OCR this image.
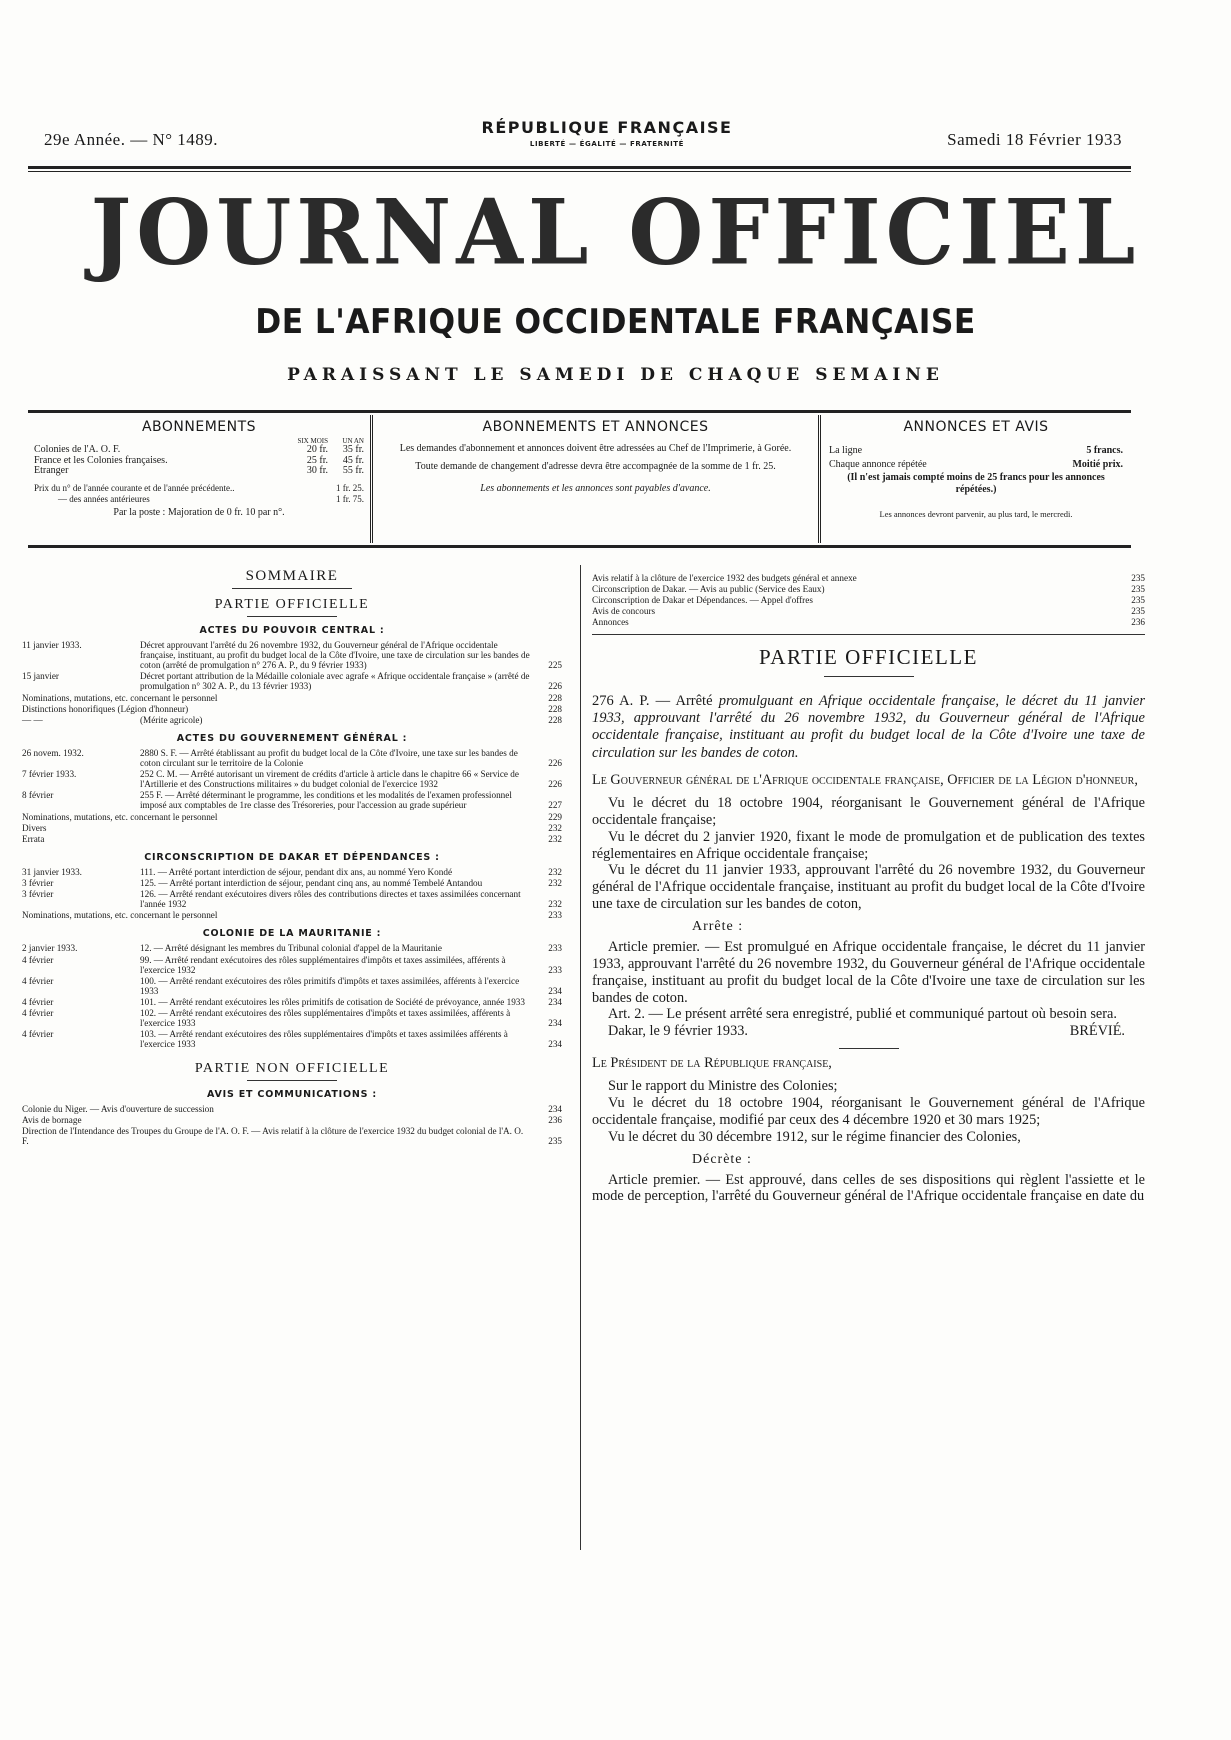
29e Année. — N° 1489.
RÉPUBLIQUE FRANÇAISE
LIBERTÉ — ÉGALITÉ — FRATERNITÉ	Samedi 18 Février 1933
JOURNAL OFFICIEL
DE L'AFRIQUE OCCIDENTALE FRANÇAISE
PARAISSANT LE SAMEDI DE CHAQUE SEMAINE
ABONNEMENTS
	SIX MOIS	UN AN
Colonies de l'A. O. F.	20 fr.	35 fr.
France et les Colonies françaises.	25 fr.	45 fr.
Etranger	30 fr.	55 fr.
Prix du n° de l'année courante et de l'année précédente..	1 fr. 25.
— des années antérieures	1 fr. 75.
Par la poste : Majoration de 0 fr. 10 par n°.
ABONNEMENTS ET ANNONCES

Les demandes d'abonnement et annonces doivent être adressées au Chef de l'Imprimerie, à Gorée.

Toute demande de changement d'adresse devra être accompagnée de la somme de 1 fr. 25.

Les abonnements et les annonces sont payables d'avance.

ANNONCES ET AVIS
La ligne	5 francs.
Chaque annonce répétée	Moitié prix.
(Il n'est jamais compté moins de 25 francs pour les annonces répétées.)
Les annonces devront parvenir, au plus tard, le mercredi.
SOMMAIRE
PARTIE OFFICIELLE
ACTES DU POUVOIR CENTRAL :
11 janvier 1933.	Décret approuvant l'arrêté du 26 novembre 1932, du Gouverneur général de l'Afrique occidentale française, instituant, au profit du budget local de la Côte d'Ivoire, une taxe de circulation sur les bandes de coton (arrêté de promulgation n° 276 A. P., du 9 février 1933)	225
15 janvier	Décret portant attribution de la Médaille coloniale avec agrafe « Afrique occidentale française » (arrêté de promulgation n° 302 A. P., du 13 février 1933)	226
Nominations, mutations, etc. concernant le personnel	228
Distinctions honorifiques (Légion d'honneur)	228
— —	(Mérite agricole)	228
ACTES DU GOUVERNEMENT GÉNÉRAL :
26 novem. 1932.	2880 S. F. — Arrêté établissant au profit du budget local de la Côte d'Ivoire, une taxe sur les bandes de coton circulant sur le territoire de la Colonie	226
7 février 1933.	252 C. M. — Arrêté autorisant un virement de crédits d'article à article dans le chapitre 66 « Service de l'Artillerie et des Constructions militaires » du budget colonial de l'exercice 1932	226
8 février	255 F. — Arrêté déterminant le programme, les conditions et les modalités de l'examen professionnel imposé aux comptables de 1re classe des Trésoreries, pour l'accession au grade supérieur	227
Nominations, mutations, etc. concernant le personnel	229
Divers	232
Errata	232
CIRCONSCRIPTION DE DAKAR ET DÉPENDANCES :
31 janvier 1933.	111. — Arrêté portant interdiction de séjour, pendant dix ans, au nommé Yero Kondé	232
3 février	125. — Arrêté portant interdiction de séjour, pendant cinq ans, au nommé Tembelé Antandou	232
3 février	126. — Arrêté rendant exécutoires divers rôles des contributions directes et taxes assimilées concernant l'année 1932	232
Nominations, mutations, etc. concernant le personnel	233
COLONIE DE LA MAURITANIE :
2 janvier 1933.	12. — Arrêté désignant les membres du Tribunal colonial d'appel de la Mauritanie	233
4 février	99. — Arrêté rendant exécutoires des rôles supplémentaires d'impôts et taxes assimilées, afférents à l'exercice 1932	233
4 février	100. — Arrêté rendant exécutoires des rôles primitifs d'impôts et taxes assimilées, afférents à l'exercice 1933	234
4 février	101. — Arrêté rendant exécutoires les rôles primitifs de cotisation de Société de prévoyance, année 1933	234
4 février	102. — Arrêté rendant exécutoires des rôles supplémentaires d'impôts et taxes assimilées, afférents à l'exercice 1933	234
4 février	103. — Arrêté rendant exécutoires des rôles supplémentaires d'impôts et taxes assimilées afférents à l'exercice 1933	234
PARTIE NON OFFICIELLE
AVIS ET COMMUNICATIONS :
Colonie du Niger. — Avis d'ouverture de succession	234
Avis de bornage	236
Direction de l'Intendance des Troupes du Groupe de l'A. O. F. — Avis relatif à la clôture de l'exercice 1932 du budget colonial de l'A. O. F.	235
Avis relatif à la clôture de l'exercice 1932 des budgets général et annexe	235
Circonscription de Dakar. — Avis au public (Service des Eaux)	235
Circonscription de Dakar et Dépendances. — Appel d'offres	235
Avis de concours	235
Annonces	236
PARTIE OFFICIELLE
276 A. P. — Arrêté promulguant en Afrique occidentale française, le décret du 11 janvier 1933, approuvant l'arrêté du 26 novembre 1932, du Gouverneur général de l'Afrique occidentale française, instituant au profit du budget local de la Côte d'Ivoire une taxe de circulation sur les bandes de coton.

Le Gouverneur général de l'Afrique occidentale française, Officier de la Légion d'honneur,

Vu le décret du 18 octobre 1904, réorganisant le Gouvernement général de l'Afrique occidentale française;

Vu le décret du 2 janvier 1920, fixant le mode de promulgation et de publication des textes réglementaires en Afrique occidentale française;

Vu le décret du 11 janvier 1933, approuvant l'arrêté du 26 novembre 1932, du Gouverneur général de l'Afrique occidentale française, instituant au profit du budget local de la Côte d'Ivoire une taxe de circulation sur les bandes de coton,

Arrête :

Article premier. — Est promulgué en Afrique occidentale française, le décret du 11 janvier 1933, approuvant l'arrêté du 26 novembre 1932, du Gouverneur général de l'Afrique occidentale française, instituant au profit du budget local de la Côte d'Ivoire une taxe de circulation sur les bandes de coton.

Art. 2. — Le présent arrêté sera enregistré, publié et communiqué partout où besoin sera.

Dakar, le 9 février 1933.	BRÉVIÉ.

Le Président de la République française,

Sur le rapport du Ministre des Colonies;

Vu le décret du 18 octobre 1904, réorganisant le Gouvernement général de l'Afrique occidentale française, modifié par ceux des 4 décembre 1920 et 30 mars 1925;

Vu le décret du 30 décembre 1912, sur le régime financier des Colonies,

Décrète :

Article premier. — Est approuvé, dans celles de ses dispositions qui règlent l'assiette et le mode de perception, l'arrêté du Gouverneur général de l'Afrique occidentale française en date du
